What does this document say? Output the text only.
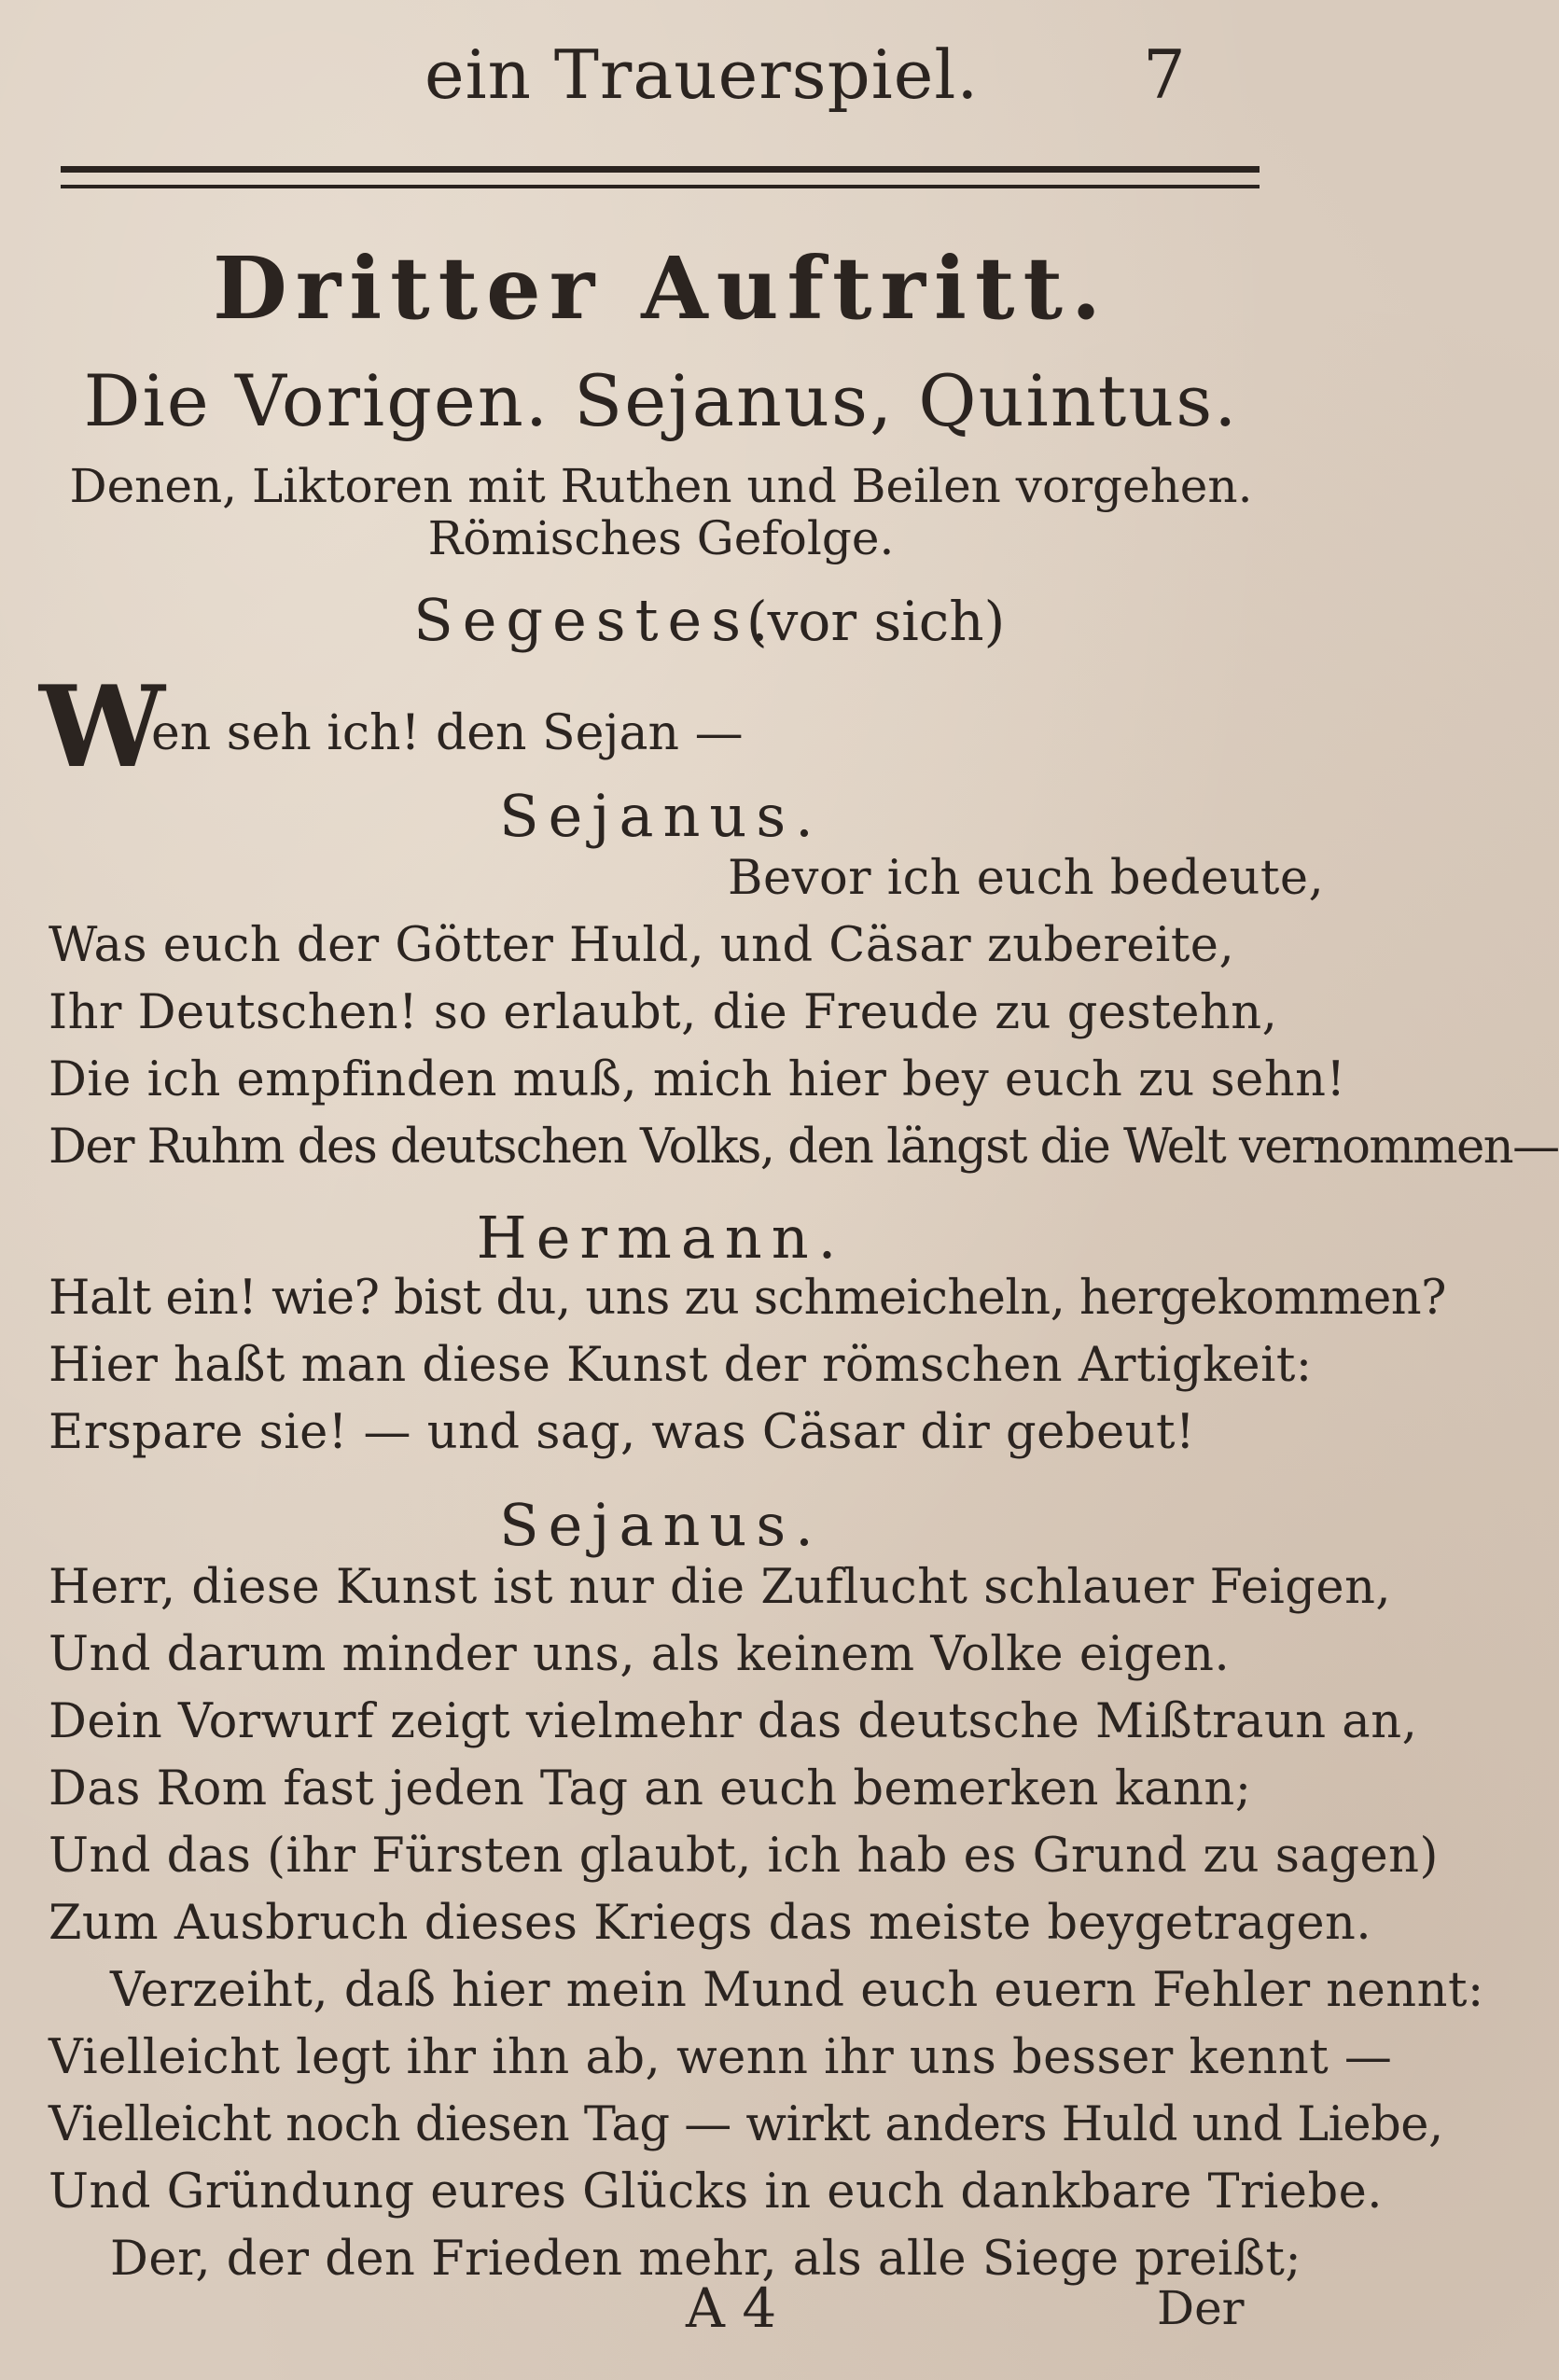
ein Trauerspiel. 7
Dritter Auftritt.
Die Vorigen. Sejanus, Quintus.
Denen, Liktoren mit Ruthen und Beilen vorgehen.
Römisches Gefolge.
Segestes.
(vor sich)
W
en seh ich! den Sejan —
Sejanus.
Bevor ich euch bedeute,
Was euch der Götter Huld, und Cäsar zubereite,
Ihr Deutschen! so erlaubt, die Freude zu gestehn,
Die ich empfinden muß, mich hier bey euch zu sehn!
Der Ruhm des deutschen Volks, den längst die Welt vernommen—
Hermann.
Halt ein! wie? bist du, uns zu schmeicheln, hergekommen?
Hier haßt man diese Kunst der römschen Artigkeit:
Erspare sie! — und sag, was Cäsar dir gebeut!
Sejanus.
Herr, diese Kunst ist nur die Zuflucht schlauer Feigen,
Und darum minder uns, als keinem Volke eigen.
Dein Vorwurf zeigt vielmehr das deutsche Mißtraun an,
Das Rom fast jeden Tag an euch bemerken kann;
Und das (ihr Fürsten glaubt, ich hab es Grund zu sagen)
Zum Ausbruch dieses Kriegs das meiste beygetragen.
Verzeiht, daß hier mein Mund euch euern Fehler nennt:
Vielleicht legt ihr ihn ab, wenn ihr uns besser kennt —
Vielleicht noch diesen Tag — wirkt anders Huld und Liebe,
Und Gründung eures Glücks in euch dankbare Triebe.
Der, der den Frieden mehr, als alle Siege preißt;
A 4	Der
